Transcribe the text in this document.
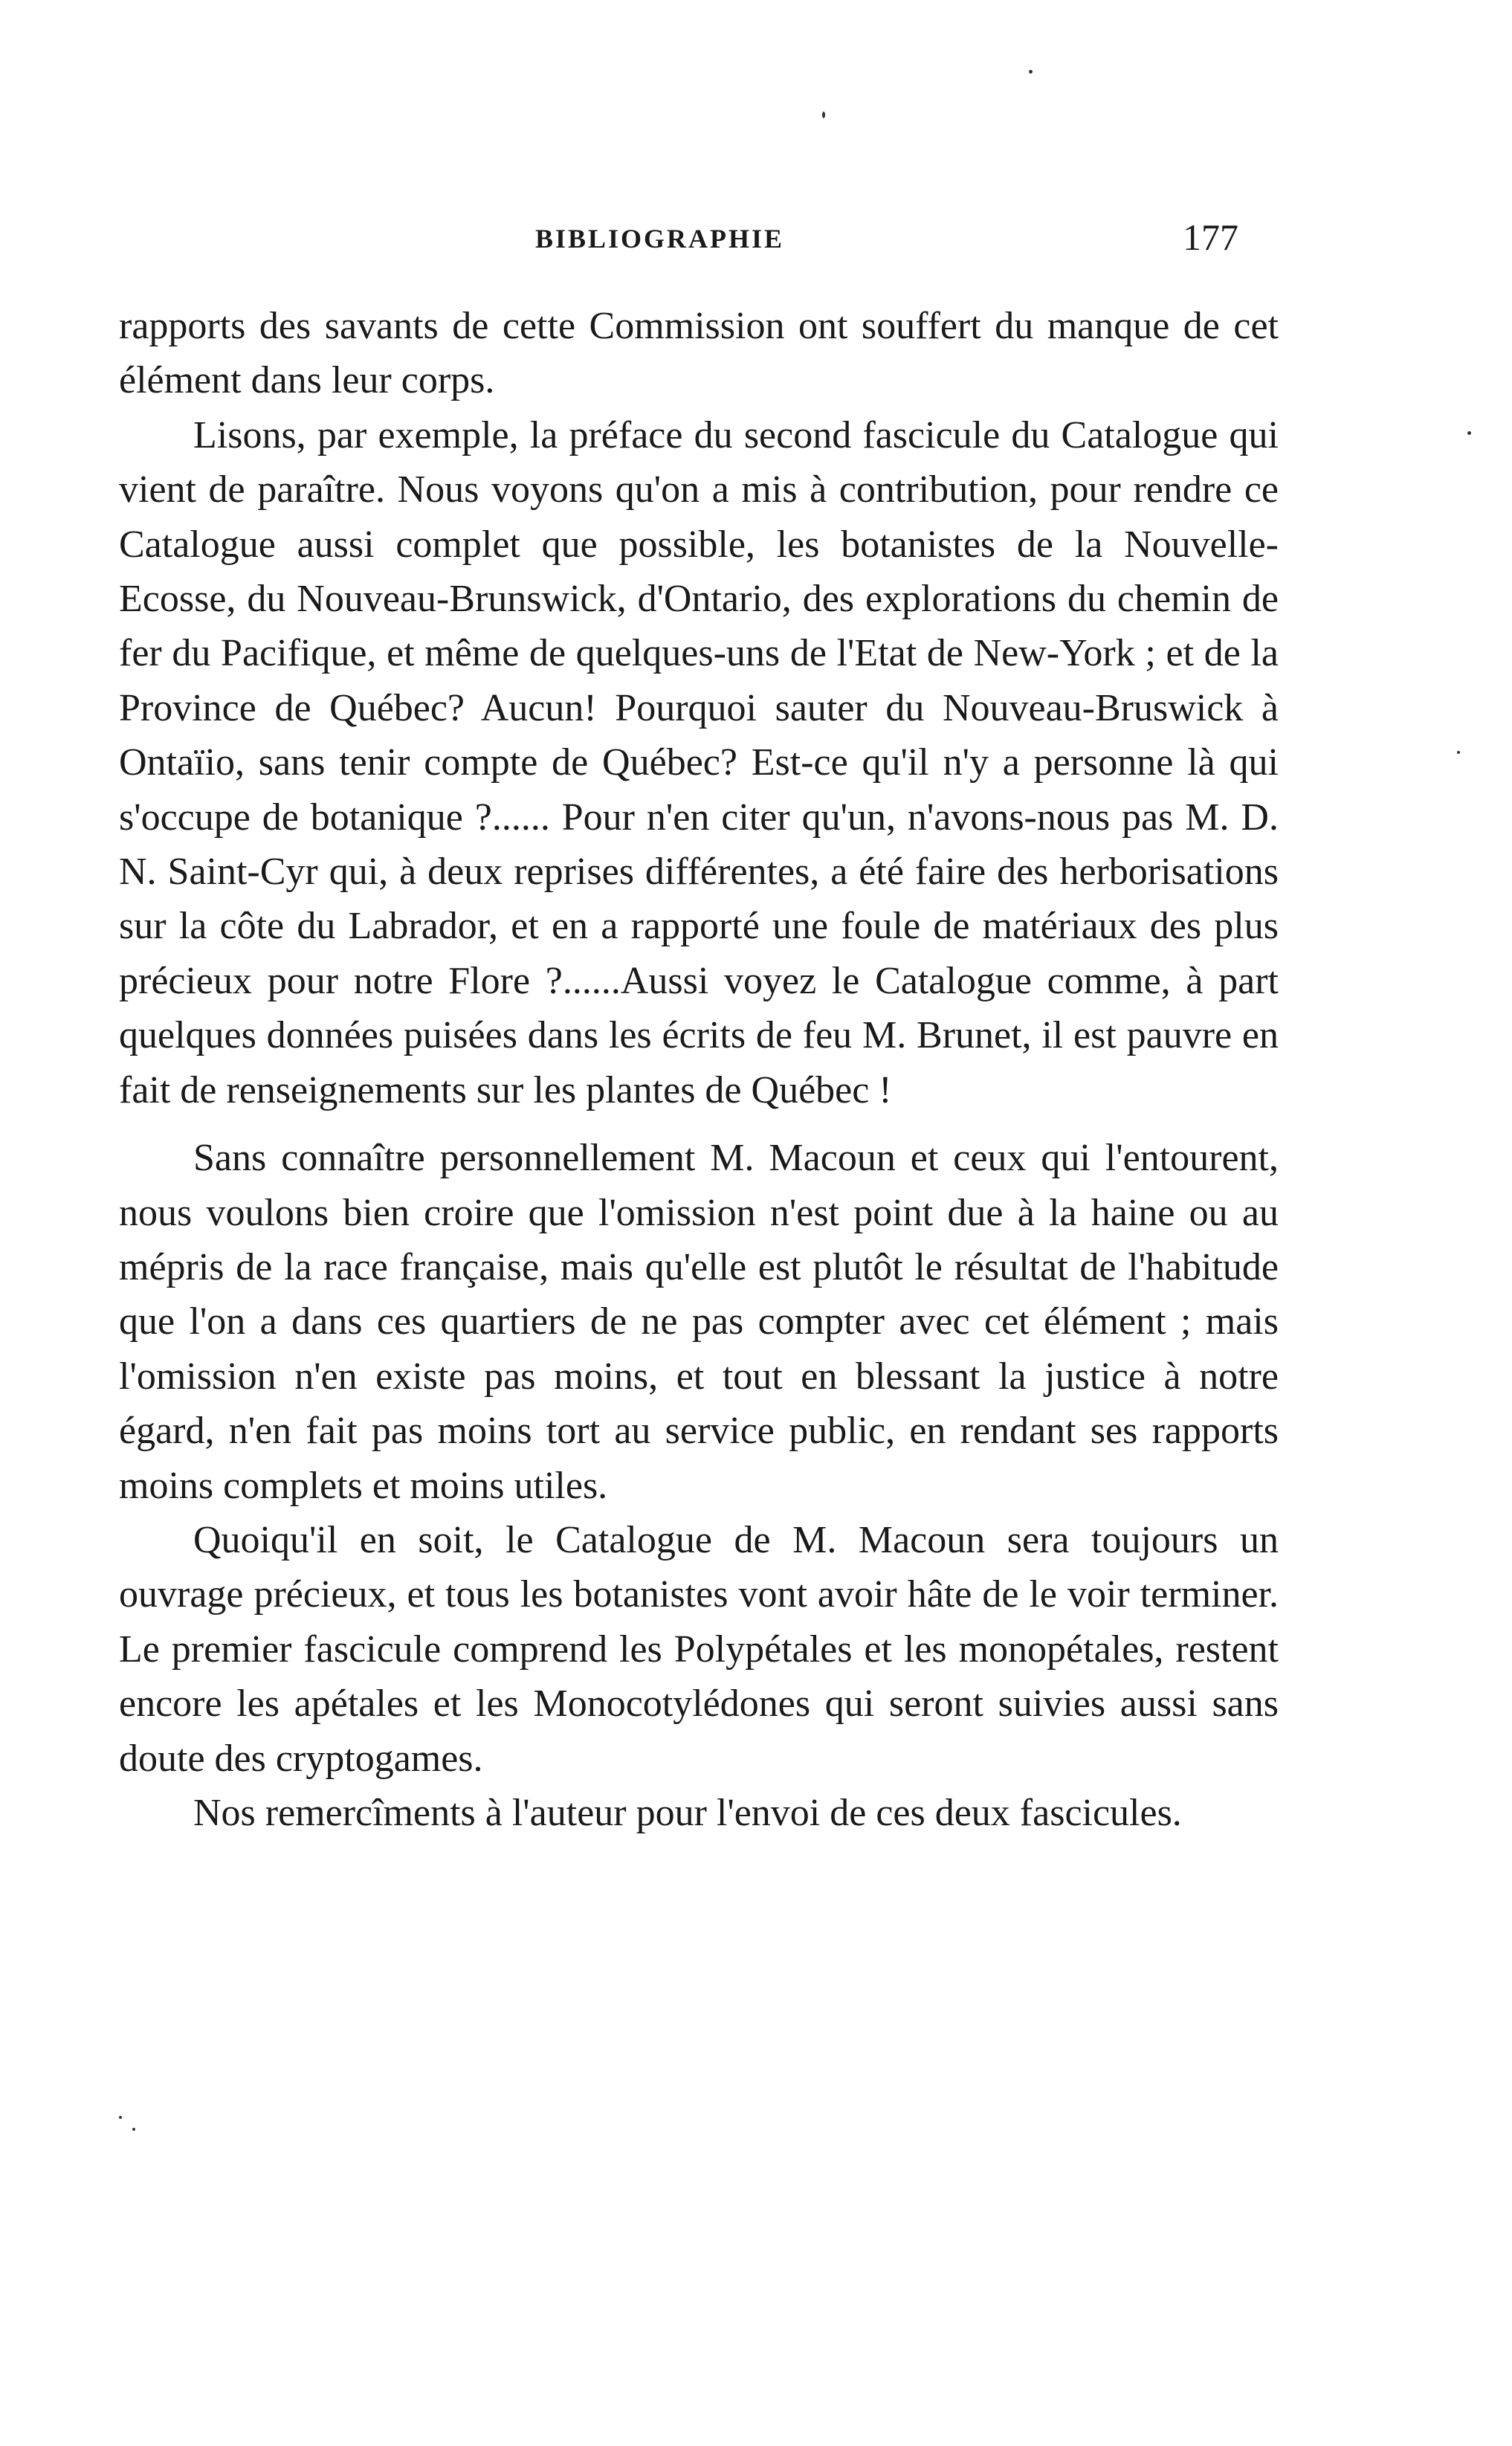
BIBLIOGRAPHIE	177

rapports des savants de cette Commission ont souffert du manque de cet élément dans leur corps.

Lisons, par exemple, la préface du second fascicule du Catalogue qui vient de paraître. Nous voyons qu'on a mis à contribution, pour rendre ce Catalogue aussi complet que possible, les botanistes de la Nouvelle-Ecosse, du Nouveau-Brunswick, d'Ontario, des explorations du chemin de fer du Pacifique, et même de quelques-uns de l'Etat de New-York ; et de la Province de Québec? Aucun! Pourquoi sauter du Nouveau-Bruswick à Ontaïio, sans tenir compte de Québec? Est-ce qu'il n'y a personne là qui s'occupe de botanique ?...... Pour n'en citer qu'un, n'avons-nous pas M. D. N. Saint-Cyr qui, à deux reprises différentes, a été faire des herborisations sur la côte du Labrador, et en a rapporté une foule de matériaux des plus précieux pour notre Flore ?......Aussi voyez le Catalogue comme, à part quelques données puisées dans les écrits de feu M. Brunet, il est pauvre en fait de renseignements sur les plantes de Québec !

Sans connaître personnellement M. Macoun et ceux qui l'entourent, nous voulons bien croire que l'omission n'est point due à la haine ou au mépris de la race française, mais qu'elle est plutôt le résultat de l'habitude que l'on a dans ces quartiers de ne pas compter avec cet élément ; mais l'omission n'en existe pas moins, et tout en blessant la justice à notre égard, n'en fait pas moins tort au service public, en rendant ses rapports moins complets et moins utiles.

Quoiqu'il en soit, le Catalogue de M. Macoun sera toujours un ouvrage précieux, et tous les botanistes vont avoir hâte de le voir terminer. Le premier fascicule comprend les Polypétales et les monopétales, restent encore les apétales et les Monocotylédones qui seront suivies aussi sans doute des cryptogames.

Nos remercîments à l'auteur pour l'envoi de ces deux fascicules.
